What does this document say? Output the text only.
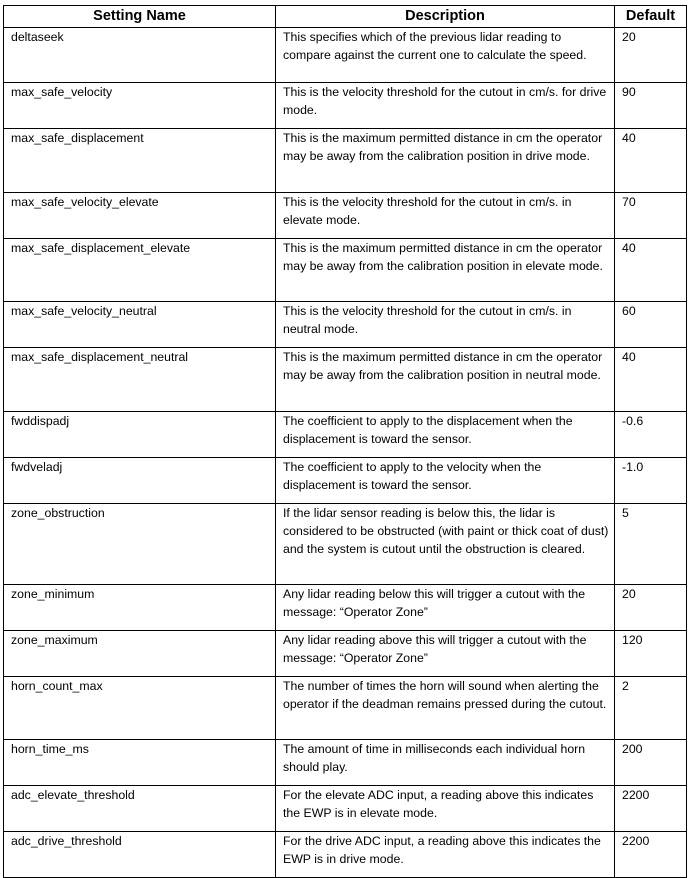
Setting Name	Description	Default
deltaseek	This specifies which of the previous lidar reading to compare against the current one to calculate the speed.	20
max_safe_velocity	This is the velocity threshold for the cutout in cm/s. for drive mode.	90
max_safe_displacement	This is the maximum permitted distance in cm the operator may be away from the calibration position in drive mode.	40
max_safe_velocity_elevate	This is the velocity threshold for the cutout in cm/s. in elevate mode.	70
max_safe_displacement_elevate	This is the maximum permitted distance in cm the operator may be away from the calibration position in elevate mode.	40
max_safe_velocity_neutral	This is the velocity threshold for the cutout in cm/s. in neutral mode.	60
max_safe_displacement_neutral	This is the maximum permitted distance in cm the operator may be away from the calibration position in neutral mode.	40
fwddispadj	The coefficient to apply to the displacement when the displacement is toward the sensor.	-0.6
fwdveladj	The coefficient to apply to the velocity when the displacement is toward the sensor.	-1.0
zone_obstruction	If the lidar sensor reading is below this, the lidar is considered to be obstructed (with paint or thick coat of dust) and the system is cutout until the obstruction is cleared.	5
zone_minimum	Any lidar reading below this will trigger a cutout with the message: “Operator Zone”	20
zone_maximum	Any lidar reading above this will trigger a cutout with the message: “Operator Zone”	120
horn_count_max	The number of times the horn will sound when alerting the operator if the deadman remains pressed during the cutout.	2
horn_time_ms	The amount of time in milliseconds each individual horn should play.	200
adc_elevate_threshold	For the elevate ADC input, a reading above this indicates the EWP is in elevate mode.	2200
adc_drive_threshold	For the drive ADC input, a reading above this indicates the EWP is in drive mode.	2200
